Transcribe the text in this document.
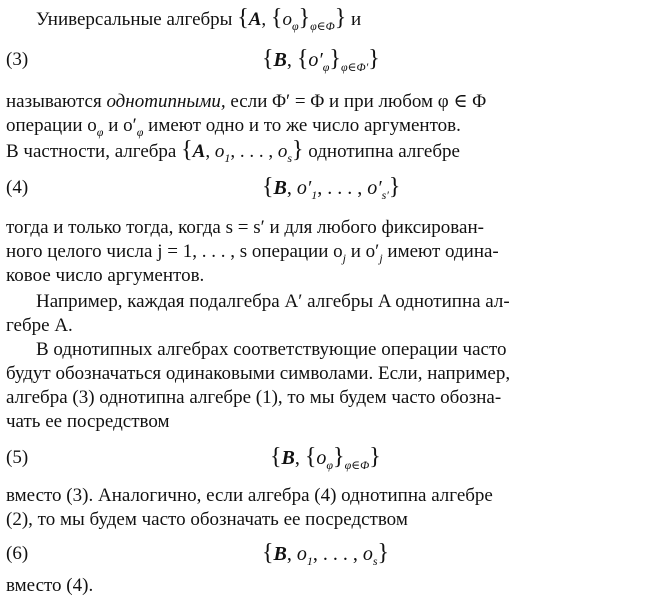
Универсальные алгебры {A, $\{o_\varphi\}_{\varphi\in\Phi}$} и
(3)	{B, $\{o'_\varphi\}_{\varphi\in\Phi'}$}
называются однотипными, если Φ′ = Φ и при любом φ ∈ Φ
операции $o_\varphi$ и $o'_\varphi$ имеют одно и то же число аргументов.
В частности, алгебра {A, $o_1$, . . . , $o_s$} однотипна алгебре
(4)	{B, $o'_1$, . . . , $o'_{s'}$}
тогда и только тогда, когда s = s′ и для любого фиксирован-
ного целого числа j = 1, . . . , s операции $o_j$ и $o'_j$ имеют одина-
ковое число аргументов.
Например, каждая подалгебра A′ алгебры A однотипна ал-
гебре A.
В однотипных алгебрах соответствующие операции часто
будут обозначаться одинаковыми символами. Если, например,
алгебра (3) однотипна алгебре (1), то мы будем часто обозна-
чать ее посредством
(5)	{B, $\{o_\varphi\}_{\varphi\in\Phi}$}
вместо (3). Аналогично, если алгебра (4) однотипна алгебре
(2), то мы будем часто обозначать ее посредством
(6)	{B, $o_1$, . . . , $o_s$}
вместо (4).
